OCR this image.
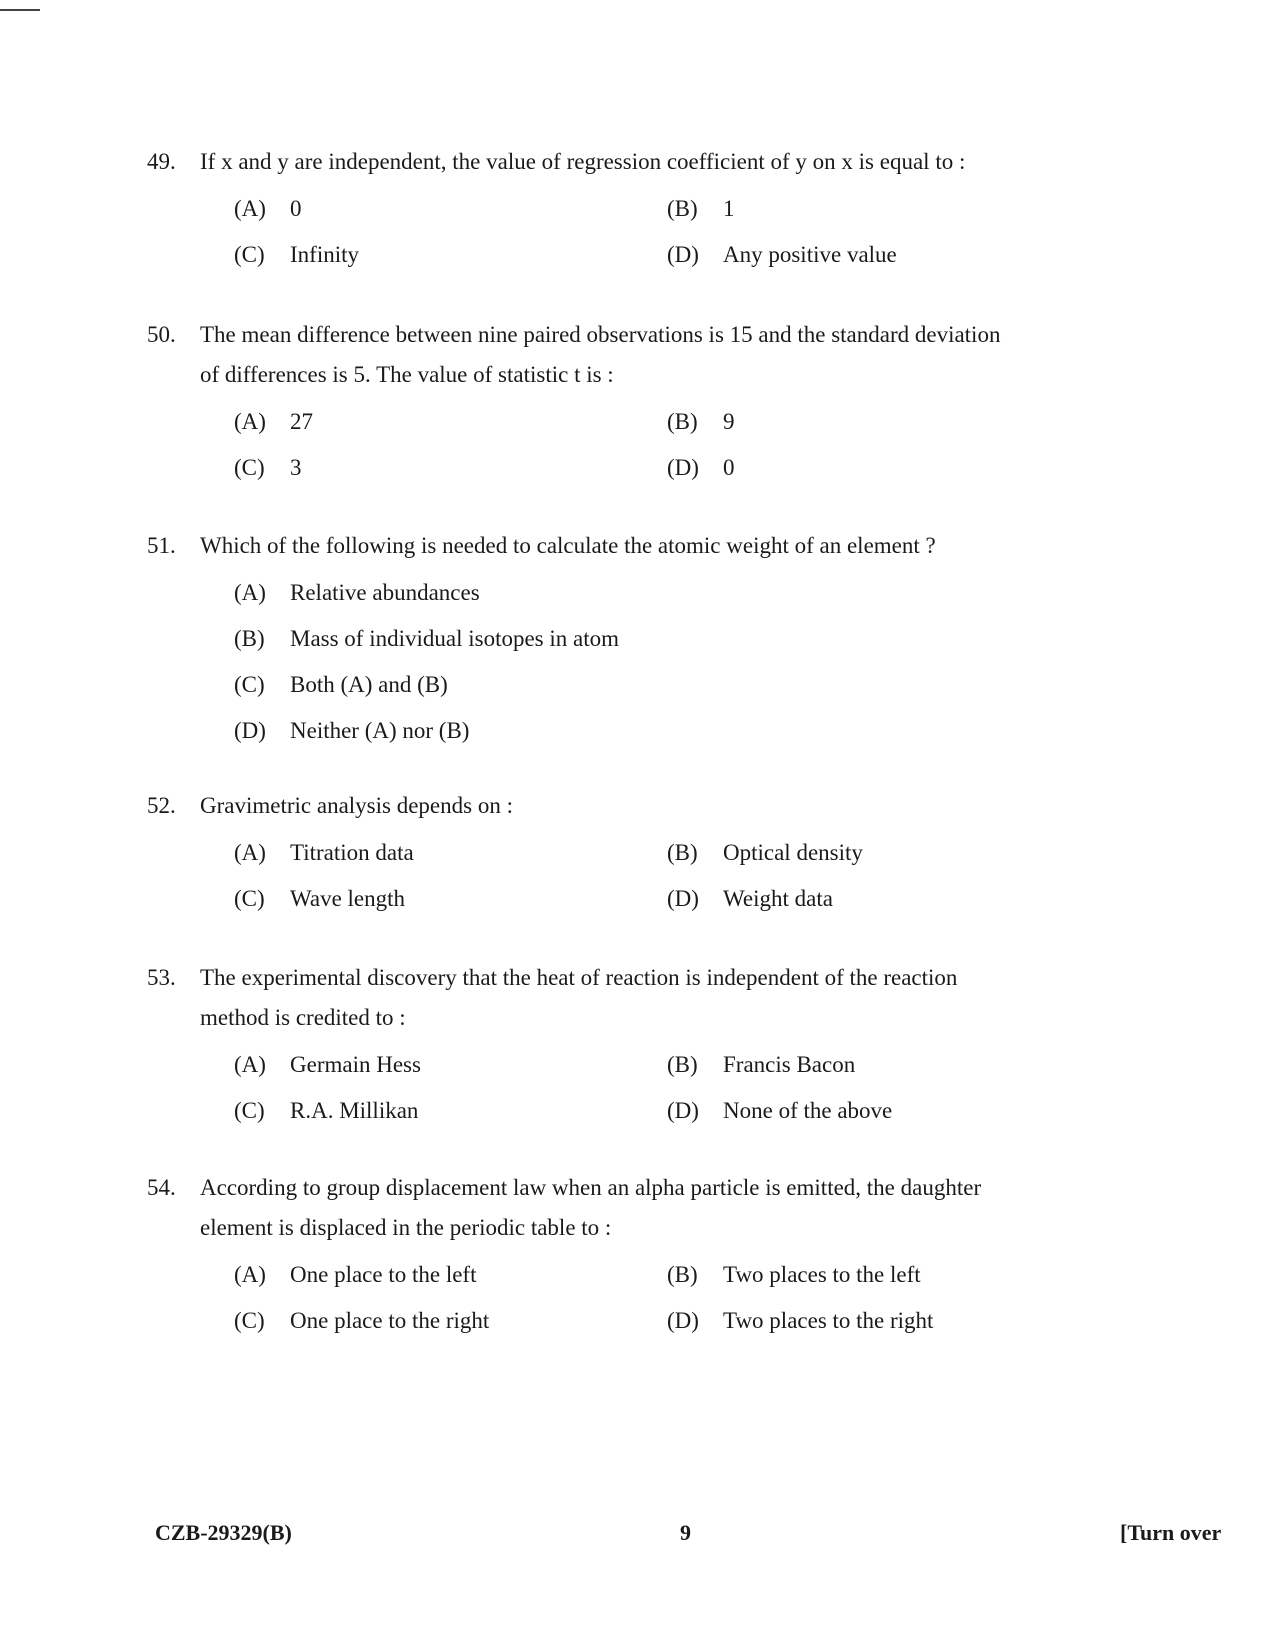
49.	If x and y are independent, the value of regression coefficient of y on x is equal to :
(A) 0	(B) 1
(C) Infinity	(D) Any positive value
50.	The mean difference between nine paired observations is 15 and the standard deviation
of differences is 5. The value of statistic t is :
(A) 27	(B) 9
(C) 3	(D) 0
51.	Which of the following is needed to calculate the atomic weight of an element ?
(A) Relative abundances
(B) Mass of individual isotopes in atom
(C) Both (A) and (B)
(D) Neither (A) nor (B)
52.	Gravimetric analysis depends on :
(A) Titration data	(B) Optical density
(C) Wave length	(D) Weight data
53.	The experimental discovery that the heat of reaction is independent of the reaction
method is credited to :
(A) Germain Hess	(B) Francis Bacon
(C) R.A. Millikan	(D) None of the above
54.	According to group displacement law when an alpha particle is emitted, the daughter
element is displaced in the periodic table to :
(A) One place to the left	(B) Two places to the left
(C) One place to the right	(D) Two places to the right
CZB-29329(B)	9	[Turn over
